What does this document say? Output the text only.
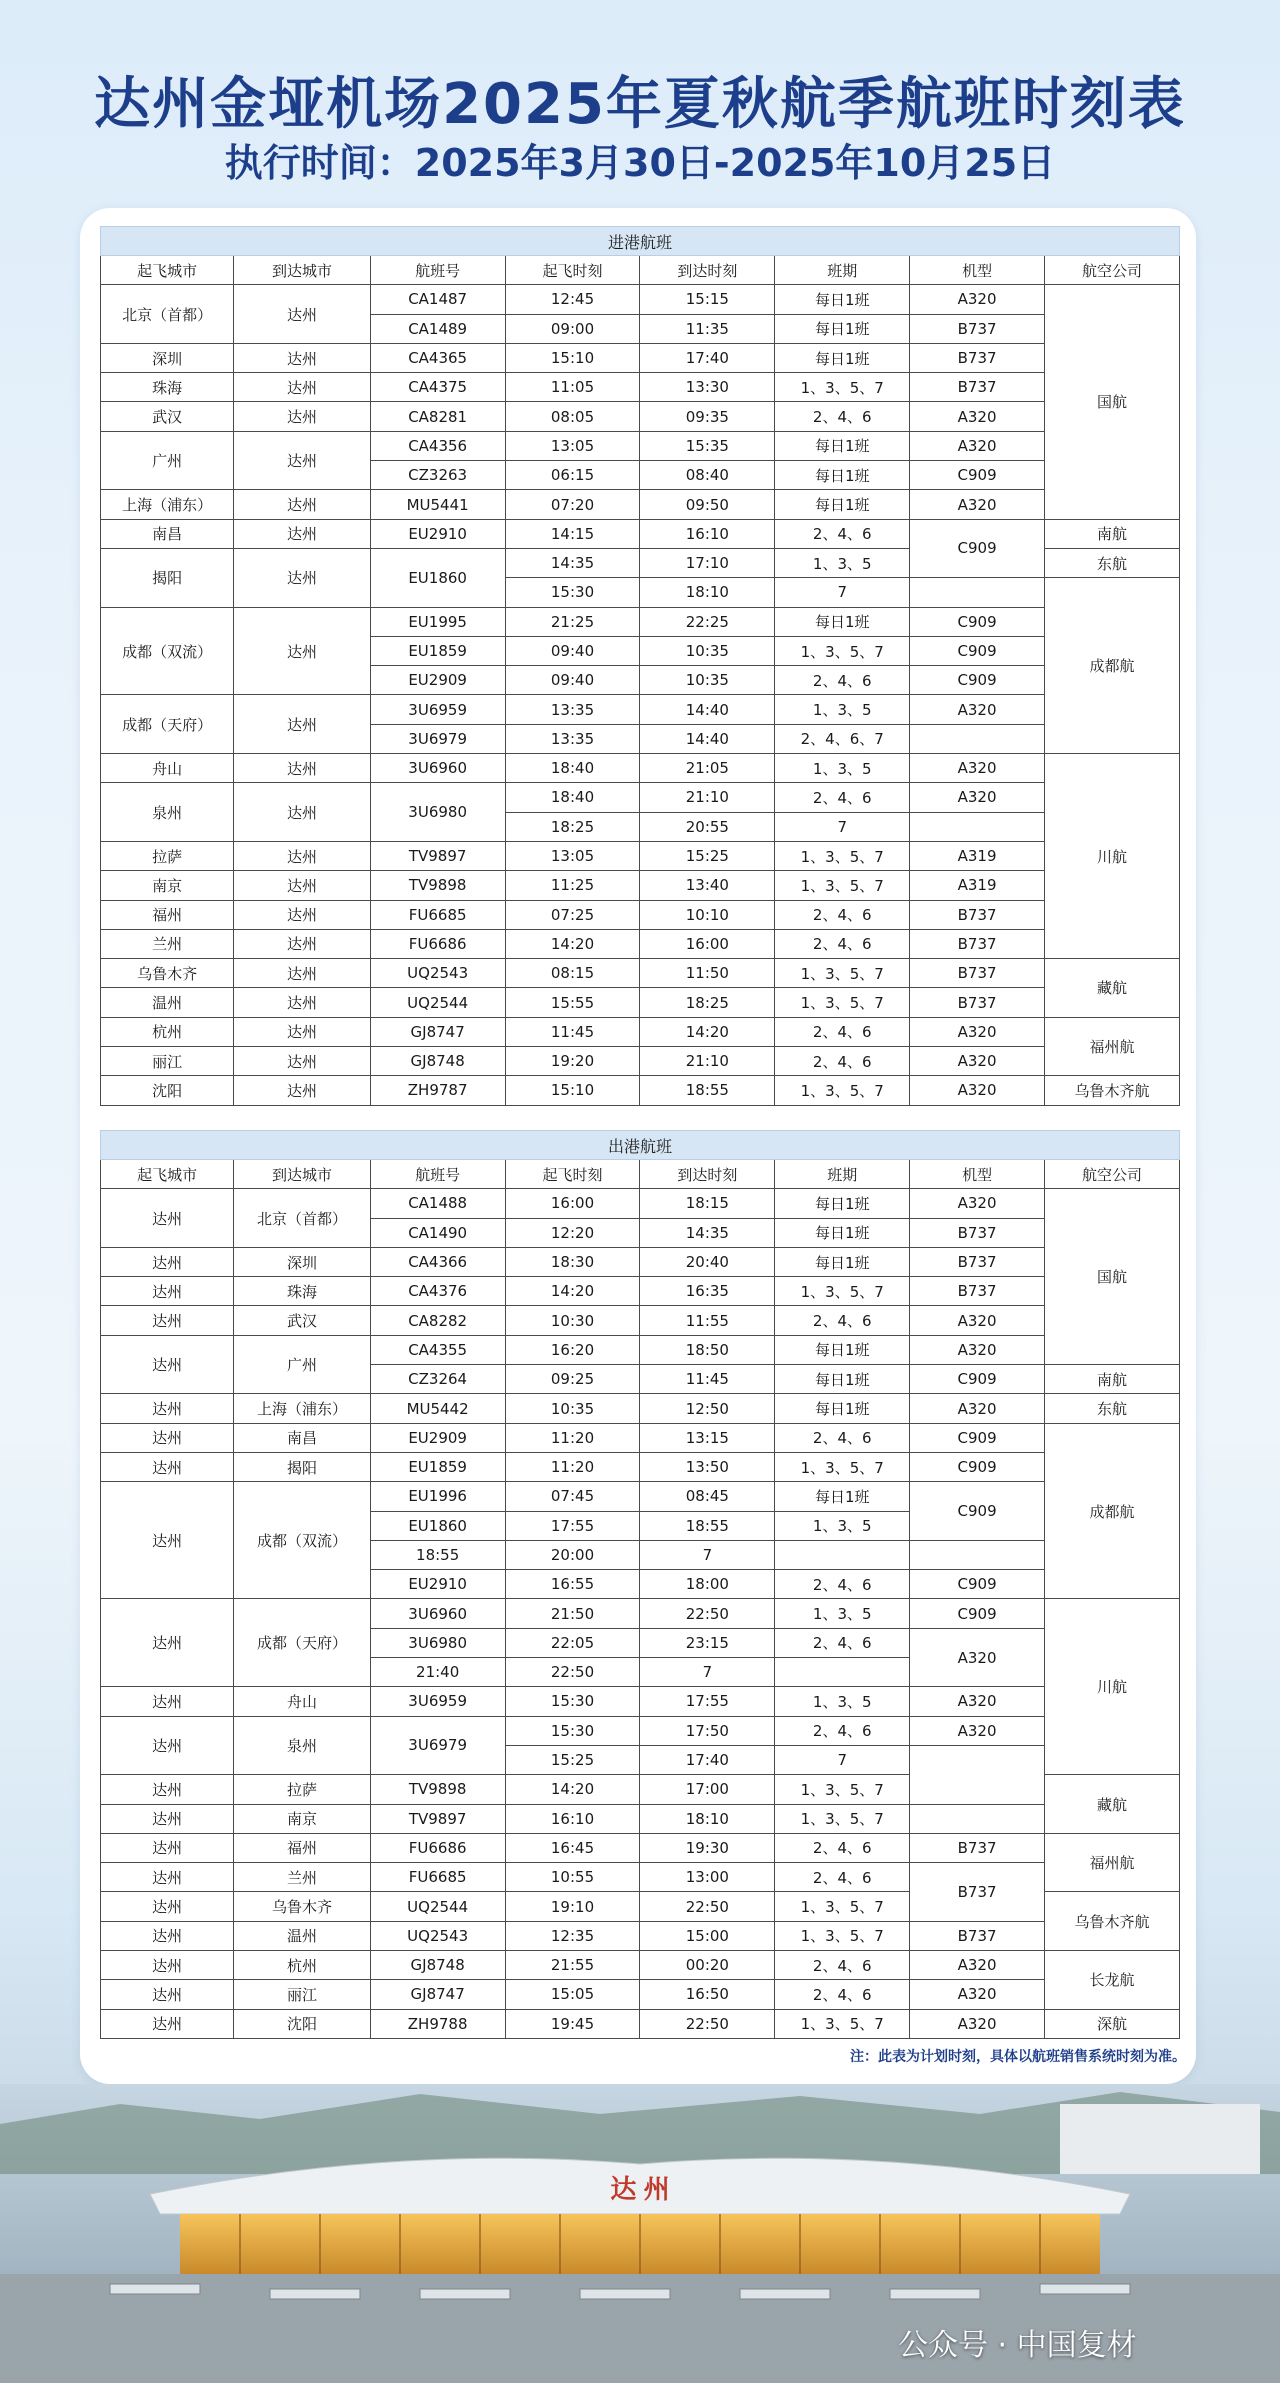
达州金垭机场2025年夏秋航季航班时刻表
执行时间：2025年3月30日-2025年10月25日
进港航班							
起飞城市	到达城市	航班号	起飞时刻	到达时刻	班期	机型	航空公司
北京（首都）	达州	CA1487	12:45	15:15	每日1班	A320	国航
		CA1489	09:00	11:35	每日1班	B737	
深圳	达州	CA4365	15:10	17:40	每日1班	B737	
珠海	达州	CA4375	11:05	13:30	1、3、5、7	B737	
武汉	达州	CA8281	08:05	09:35	2、4、6	A320	
广州	达州	CA4356	13:05	15:35	每日1班	A320	
		CZ3263	06:15	08:40	每日1班	C909	
上海（浦东）	达州	MU5441	07:20	09:50	每日1班	A320	
南昌	达州	EU2910	14:15	16:10	2、4、6	C909	南航
揭阳	达州	EU1860	14:35	17:10	1、3、5		东航
			15:30	18:10	7		成都航
成都（双流）	达州	EU1995	21:25	22:25	每日1班	C909	
		EU1859	09:40	10:35	1、3、5、7	C909	
		EU2909	09:40	10:35	2、4、6	C909	
成都（天府）	达州	3U6959	13:35	14:40	1、3、5	A320	
		3U6979	13:35	14:40	2、4、6、7		
舟山	达州	3U6960	18:40	21:05	1、3、5	A320	川航
泉州	达州	3U6980	18:40	21:10	2、4、6	A320	
			18:25	20:55	7		
拉萨	达州	TV9897	13:05	15:25	1、3、5、7	A319	
南京	达州	TV9898	11:25	13:40	1、3、5、7	A319	
福州	达州	FU6685	07:25	10:10	2、4、6	B737	
兰州	达州	FU6686	14:20	16:00	2、4、6	B737	
乌鲁木齐	达州	UQ2543	08:15	11:50	1、3、5、7	B737	藏航
温州	达州	UQ2544	15:55	18:25	1、3、5、7	B737	
杭州	达州	GJ8747	11:45	14:20	2、4、6	A320	福州航
丽江	达州	GJ8748	19:20	21:10	2、4、6	A320	
沈阳	达州	ZH9787	15:10	18:55	1、3、5、7	A320	乌鲁木齐航
出港航班							
起飞城市	到达城市	航班号	起飞时刻	到达时刻	班期	机型	航空公司
达州	北京（首都）	CA1488	16:00	18:15	每日1班	A320	国航
		CA1490	12:20	14:35	每日1班	B737	
达州	深圳	CA4366	18:30	20:40	每日1班	B737	
达州	珠海	CA4376	14:20	16:35	1、3、5、7	B737	
达州	武汉	CA8282	10:30	11:55	2、4、6	A320	
达州	广州	CA4355	16:20	18:50	每日1班	A320	
		CZ3264	09:25	11:45	每日1班	C909	南航
达州	上海（浦东）	MU5442	10:35	12:50	每日1班	A320	东航
达州	南昌	EU2909	11:20	13:15	2、4、6	C909	成都航
达州	揭阳	EU1859	11:20	13:50	1、3、5、7	C909	
达州	成都（双流）	EU1996	07:45	08:45	每日1班	C909	
		EU1860	17:55	18:55	1、3、5		
		18:55	20:00	7			
		EU2910	16:55	18:00	2、4、6	C909	
达州	成都（天府）	3U6960	21:50	22:50	1、3、5	C909	川航
		3U6980	22:05	23:15	2、4、6	A320	
		21:40	22:50	7			
达州	舟山	3U6959	15:30	17:55	1、3、5	A320	
达州	泉州	3U6979	15:30	17:50	2、4、6	A320	
			15:25	17:40	7		
达州	拉萨	TV9898	14:20	17:00	1、3、5、7		藏航
达州	南京	TV9897	16:10	18:10	1、3、5、7		
达州	福州	FU6686	16:45	19:30	2、4、6	B737	福州航
达州	兰州	FU6685	10:55	13:00	2、4、6	B737	
达州	乌鲁木齐	UQ2544	19:10	22:50	1、3、5、7		乌鲁木齐航
达州	温州	UQ2543	12:35	15:00	1、3、5、7	B737	
达州	杭州	GJ8748	21:55	00:20	2、4、6	A320	长龙航
达州	丽江	GJ8747	15:05	16:50	2、4、6	A320	
达州	沈阳	ZH9788	19:45	22:50	1、3、5、7	A320	深航
注：此表为计划时刻，具体以航班销售系统时刻为准。
达 州
公众号 · 中国复材
